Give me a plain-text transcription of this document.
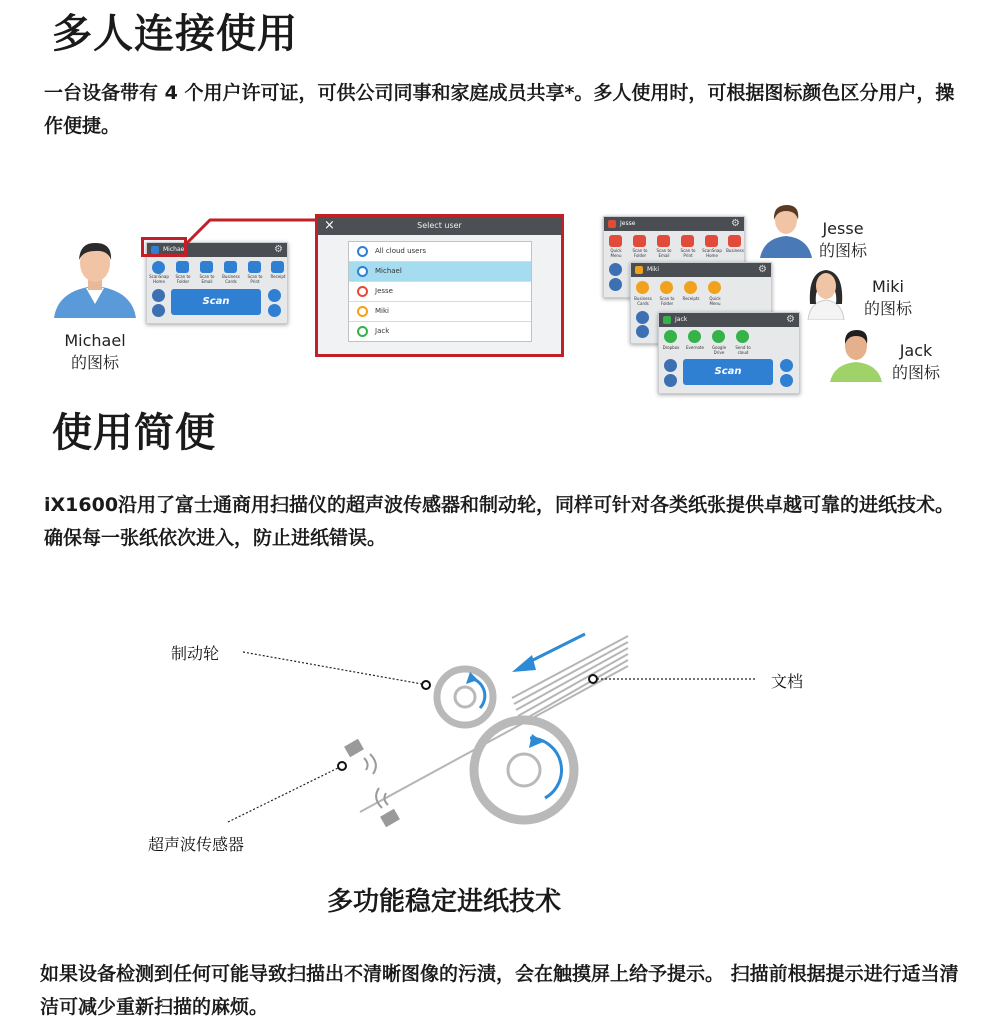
多人连接使用
一台设备带有 4 个用户许可证，可供公司同事和家庭成员共享*。多人使用时，可根据图标颜色区分用户，操作便捷。
Michael
的图标
Michael	⚙
ScanSnap Home
Scan to Folder
Scan to Email
Business Cards
Scan to Print
Receipt
Scan
×	Select user
All cloud users
Michael
Jesse
Miki
Jack
Jesse	⚙
Quick Menu
Scan to Folder
Scan to Email
Scan to Print
ScanSnap Home
Business
Miki	⚙
Business Cards
Scan to Folder
Receipts	Quick Menu
Jack	⚙
Dropbox	Evernote	Google Drive
Send to cloud
Scan
Jesse
的图标
Miki
的图标
Jack
的图标
使用简便
iX1600沿用了富士通商用扫描仪的超声波传感器和制动轮，同样可针对各类纸张提供卓越可靠的进纸技术。 确保每一张纸依次进入，防止进纸错误。
制动轮
文档
超声波传感器
多功能稳定进纸技术
如果设备检测到任何可能导致扫描出不清晰图像的污渍，会在触摸屏上给予提示。 扫描前根据提示进行适当清洁可减少重新扫描的麻烦。
